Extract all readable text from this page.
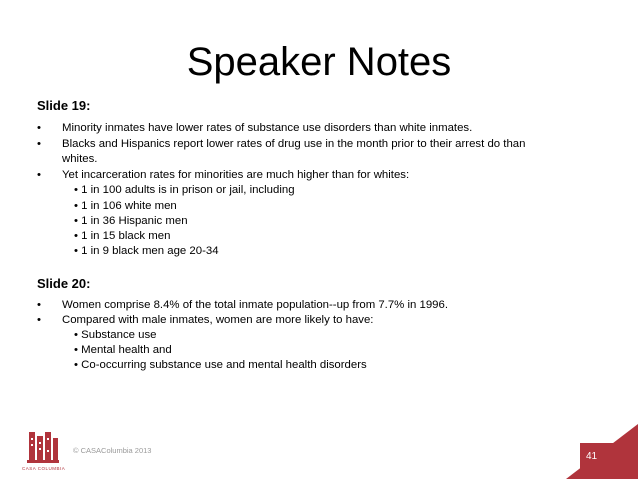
Speaker Notes
Slide 19:
• Minority inmates have lower rates of substance use disorders than white inmates.
• Blacks and Hispanics report lower rates of drug use in the month prior to their arrest do than
whites.
• Yet incarceration rates for minorities are much higher than for whites:
• 1 in 100 adults is in prison or jail, including
• 1 in 106 white men
• 1 in 36 Hispanic men
• 1 in 15 black men
• 1 in 9 black men age 20-34
Slide 20:
• Women comprise 8.4% of the total inmate population--up from 7.7% in 1996.
• Compared with male inmates, women are more likely to have:
• Substance use
• Mental health and
• Co-occurring substance use and mental health disorders
CASA COLUMBIA
© CASAColumbia 2013
41
